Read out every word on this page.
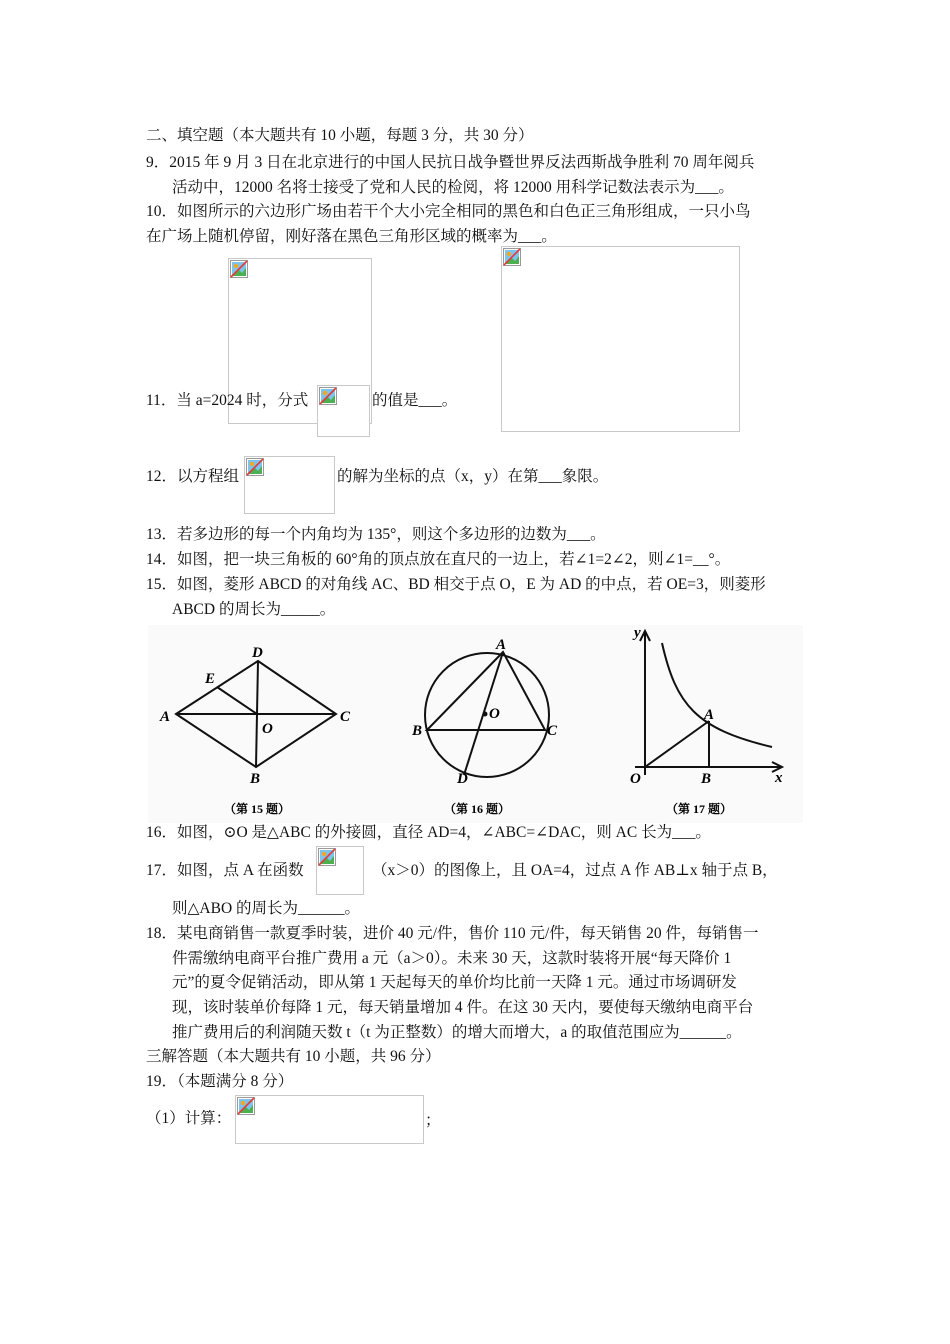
二、填空题（本大题共有 10 小题，每题 3 分，共 30 分）
9．2015 年 9 月 3 日在北京进行的中国人民抗日战争暨世界反法西斯战争胜利 70 周年阅兵
活动中，12000 名将士接受了党和人民的检阅，将 12000 用科学记数法表示为___。
10．如图所示的六边形广场由若干个大小完全相同的黑色和白色正三角形组成，一只小鸟
在广场上随机停留，刚好落在黑色三角形区域的概率为___。
11．当 a=2024 时，分式	的值是___。
12．以方程组	的解为坐标的点（x，y）在第___象限。
13．若多边形的每一个内角均为 135°，则这个多边形的边数为___。
14．如图，把一块三角板的 60°角的顶点放在直尺的一边上，若∠1=2∠2，则∠1=__°。
15．如图，菱形 ABCD 的对角线 AC、BD 相交于点 O，E 为 AD 的中点，若 OE=3，则菱形
ABCD 的周长为_____。
A
D
C
B
E
O
（第 15 题）
A
B	C
D
O
（第 16 题）
y
x
A
B
O
（第 17 题）
16．如图，⊙O 是△ABC 的外接圆，直径 AD=4，∠ABC=∠DAC，则 AC 长为___。
17．如图，点 A 在函数	（x＞0）的图像上，且 OA=4，过点 A 作 AB⊥x 轴于点 B，
则△ABO 的周长为______。
18．某电商销售一款夏季时装，进价 40 元/件，售价 110 元/件，每天销售 20 件，每销售一
件需缴纳电商平台推广费用 a 元（a＞0）。未来 30 天，这款时装将开展“每天降价 1
元”的夏令促销活动，即从第 1 天起每天的单价均比前一天降 1 元。通过市场调研发
现，该时装单价每降 1 元，每天销量增加 4 件。在这 30 天内，要使每天缴纳电商平台
推广费用后的利润随天数 t（t 为正整数）的增大而增大，a 的取值范围应为______。
三解答题（本大题共有 10 小题，共 96 分）
19．（本题满分 8 分）
（1）计算：	；
